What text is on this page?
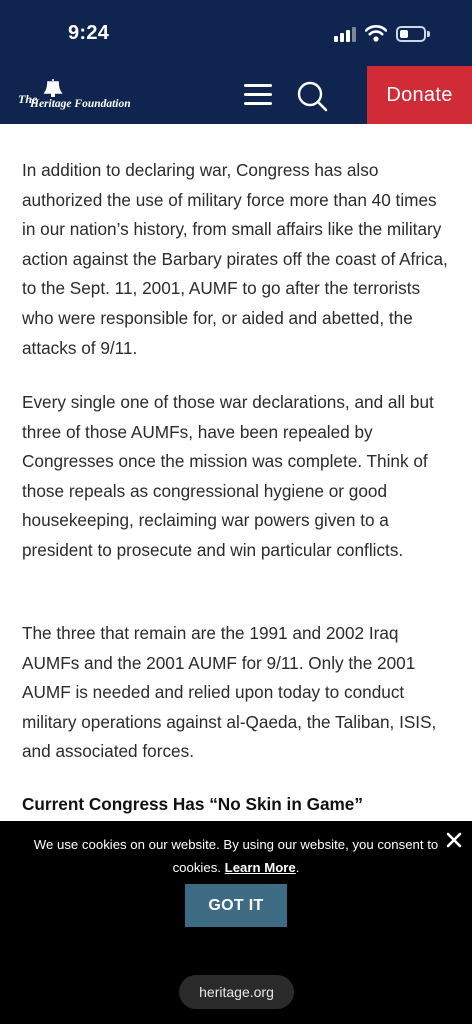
9:24
The
Heritage Foundation	Donate

In addition to declaring war, Congress has also authorized the use of military force more than 40 times in our nation’s history, from small affairs like the military action against the Barbary pirates off the coast of Africa, to the Sept. 11, 2001, AUMF to go after the terrorists who were responsible for, or aided and abetted, the attacks of 9/11.

Every single one of those war declarations, and all but three of those AUMFs, have been repealed by Congresses once the mission was complete. Think of those repeals as congressional hygiene or good housekeeping, reclaiming war powers given to a president to prosecute and win particular conflicts.

The three that remain are the 1991 and 2002 Iraq AUMFs and the 2001 AUMF for 9/11. Only the 2001 AUMF is needed and relied upon today to conduct military operations against al-Qaeda, the Taliban, ISIS, and associated forces.

Current Congress Has “No Skin in Game”
We use cookies on our website. By using our website, you consent to cookies. Learn More.
GOT IT
heritage.org
